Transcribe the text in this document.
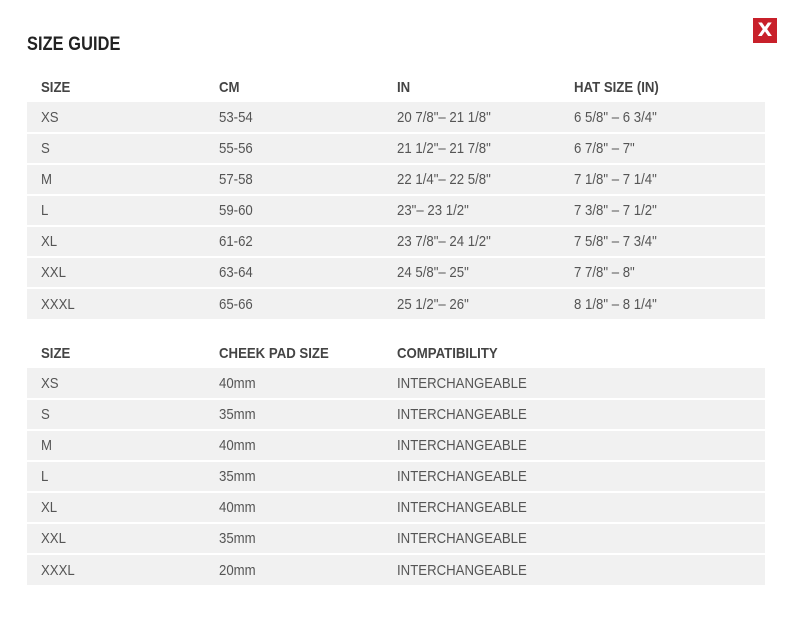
X
SIZE GUIDE
SIZE	CM	IN	HAT SIZE (IN)
XS	53-54	20 7/8"– 21 1/8"	6 5/8" – 6 3/4"
S	55-56	21 1/2"– 21 7/8"	6 7/8" – 7"
M	57-58	22 1/4"– 22 5/8"	7 1/8" – 7 1/4"
L	59-60	23"– 23 1/2"	7 3/8" – 7 1/2"
XL	61-62	23 7/8"– 24 1/2"	7 5/8" – 7 3/4"
XXL	63-64	24 5/8"– 25"	7 7/8" – 8"
XXXL	65-66	25 1/2"– 26"	8 1/8" – 8 1/4"
SIZE	CHEEK PAD SIZE	COMPATIBILITY	
XS	40mm	INTERCHANGEABLE	
S	35mm	INTERCHANGEABLE	
M	40mm	INTERCHANGEABLE	
L	35mm	INTERCHANGEABLE	
XL	40mm	INTERCHANGEABLE	
XXL	35mm	INTERCHANGEABLE	
XXXL	20mm	INTERCHANGEABLE	
